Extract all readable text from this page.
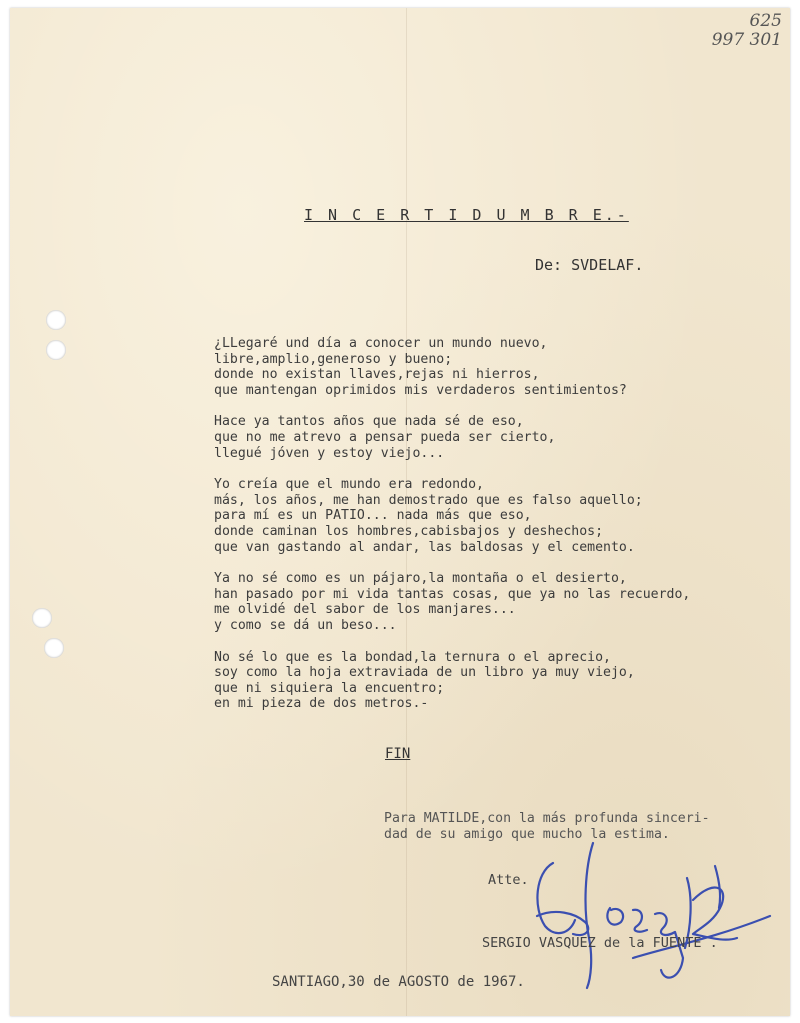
625
997 301
I N C E R T I D U M B R E.-
De: SVDELAF.
¿LLegaré und día a conocer un mundo nuevo,
libre,amplio,generoso y bueno;
donde no existan llaves,rejas ni hierros,
que mantengan oprimidos mis verdaderos sentimientos?
Hace ya tantos años que nada sé de eso,
que no me atrevo a pensar pueda ser cierto,
llegué jóven y estoy viejo...
Yo creía que el mundo era redondo,
más, los años, me han demostrado que es falso aquello;
para mí es un PATIO... nada más que eso,
donde caminan los hombres,cabisbajos y deshechos;
que van gastando al andar, las baldosas y el cemento.
Ya no sé como es un pájaro,la montaña o el desierto,
han pasado por mi vida tantas cosas, que ya no las recuerdo,
me olvidé del sabor de los manjares...
y como se dá un beso...
No sé lo que es la bondad,la ternura o el aprecio,
soy como la hoja extraviada de un libro ya muy viejo,
que ni siquiera la encuentro;
en mi pieza de dos metros.-
FIN
Para MATILDE,con la más profunda sinceri-
dad de su amigo que mucho la estima.
Atte.
SERGIO VASQUEZ de la FUENTE .
SANTIAGO,30 de AGOSTO de 1967.
